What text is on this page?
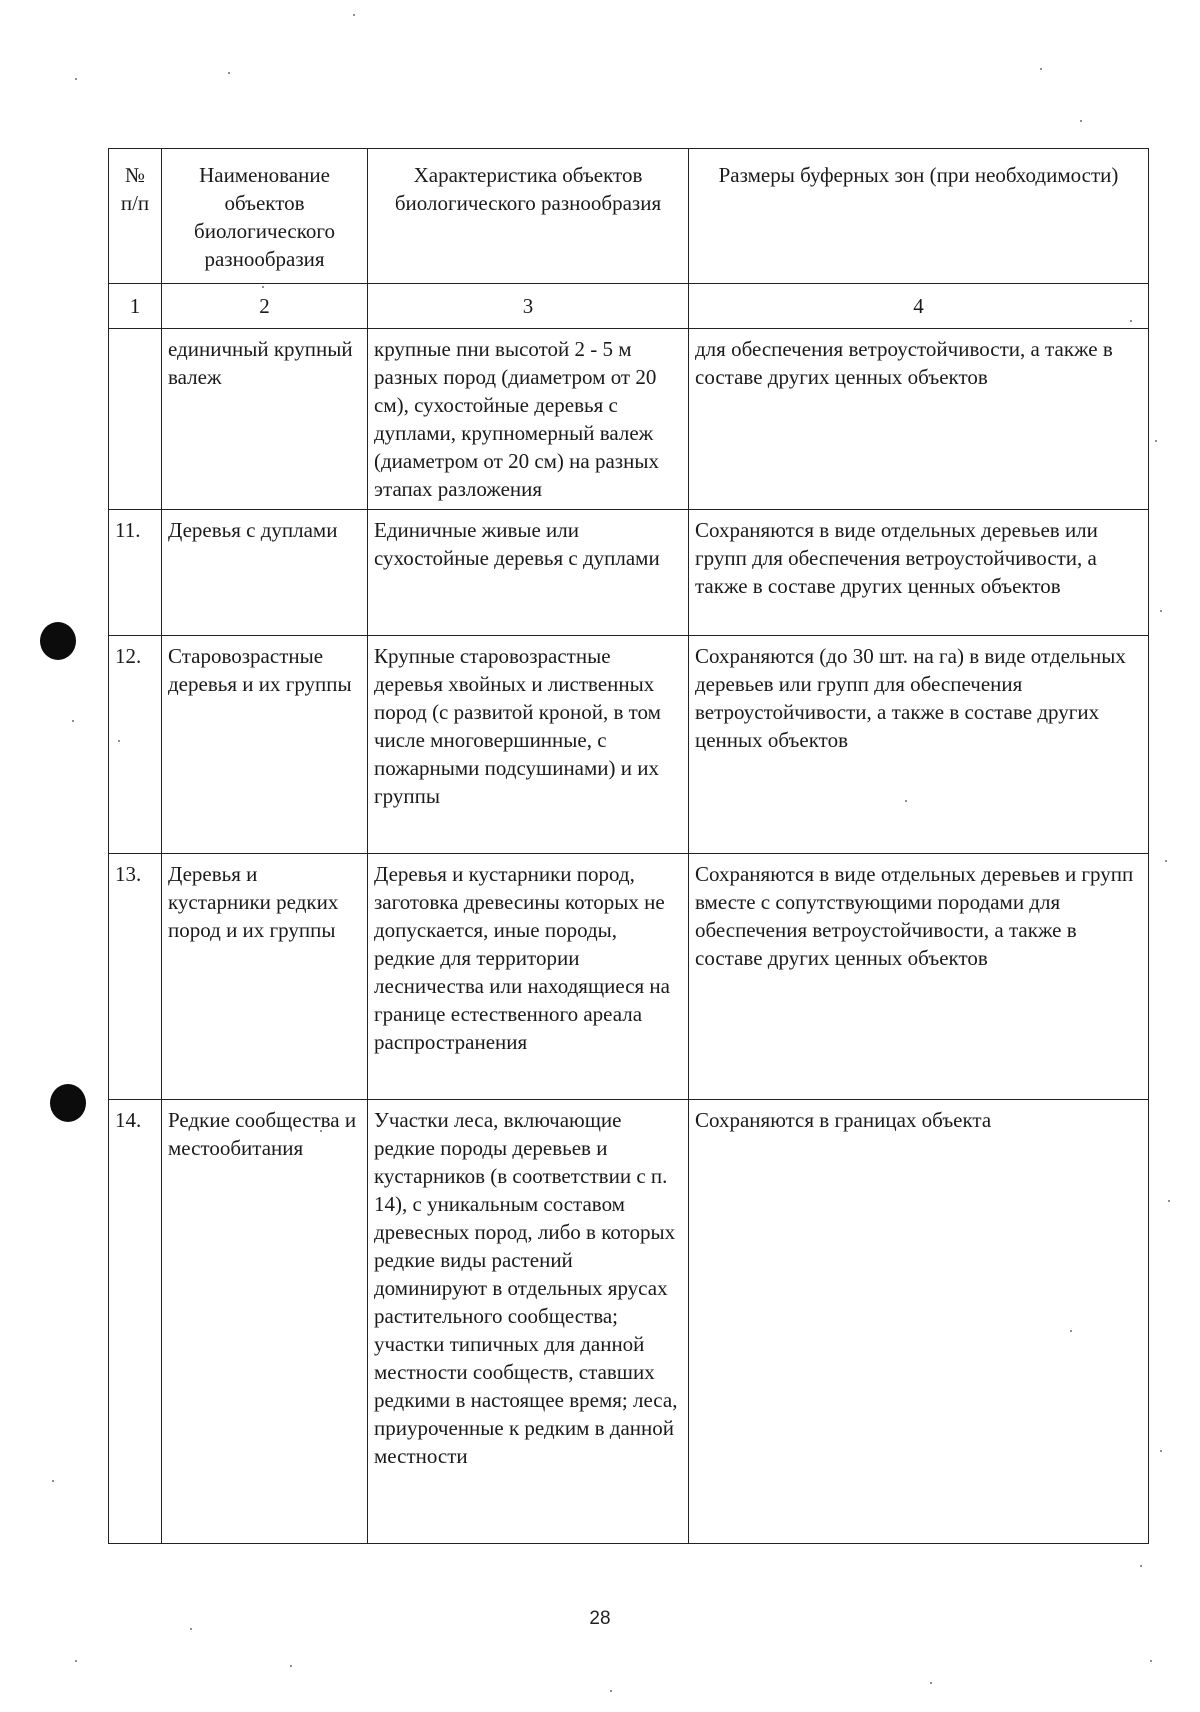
№
п/п	Наименование объектов биологического разнообразия	Характеристика объектов биологического разнообразия	Размеры буферных зон (при необходимости)
1	2	3	4
	единичный крупный валеж	крупные пни высотой 2 - 5 м разных пород (диаметром от 20 см), сухостойные деревья с дуплами, крупномерный валеж (диаметром от 20 см) на разных этапах разложения	для обеспечения ветроустойчивости, а также в составе других ценных объектов
11.	Деревья с дуплами	Единичные живые или сухостойные деревья с дуплами	Сохраняются в виде отдельных деревьев или групп для обеспечения ветроустойчивости, а также в составе других ценных объектов
12.	Старовозрастные деревья и их группы	Крупные старовозрастные деревья хвойных и лиственных пород (с развитой кроной, в том числе многовершинные, с пожарными подсушинами) и их группы	Сохраняются (до 30 шт. на га) в виде отдельных деревьев или групп для обеспечения ветроустойчивости, а также в составе других ценных объектов
13.	Деревья и кустарники редких пород и их группы	Деревья и кустарники пород, заготовка древесины которых не допускается, иные породы, редкие для территории лесничества или находящиеся на границе естественного ареала распространения	Сохраняются в виде отдельных деревьев и групп вместе с сопутствующими породами для обеспечения ветроустойчивости, а также в составе других ценных объектов
14.	Редкие сообщества и местообитания	Участки леса, включающие редкие породы деревьев и кустарников (в соответствии с п. 14), с уникальным составом древесных пород, либо в которых редкие виды растений доминируют в отдельных ярусах растительного сообщества; участки типичных для данной местности сообществ, ставших редкими в настоящее время; леса, приуроченные к редким в данной местности	Сохраняются в границах объекта
28
